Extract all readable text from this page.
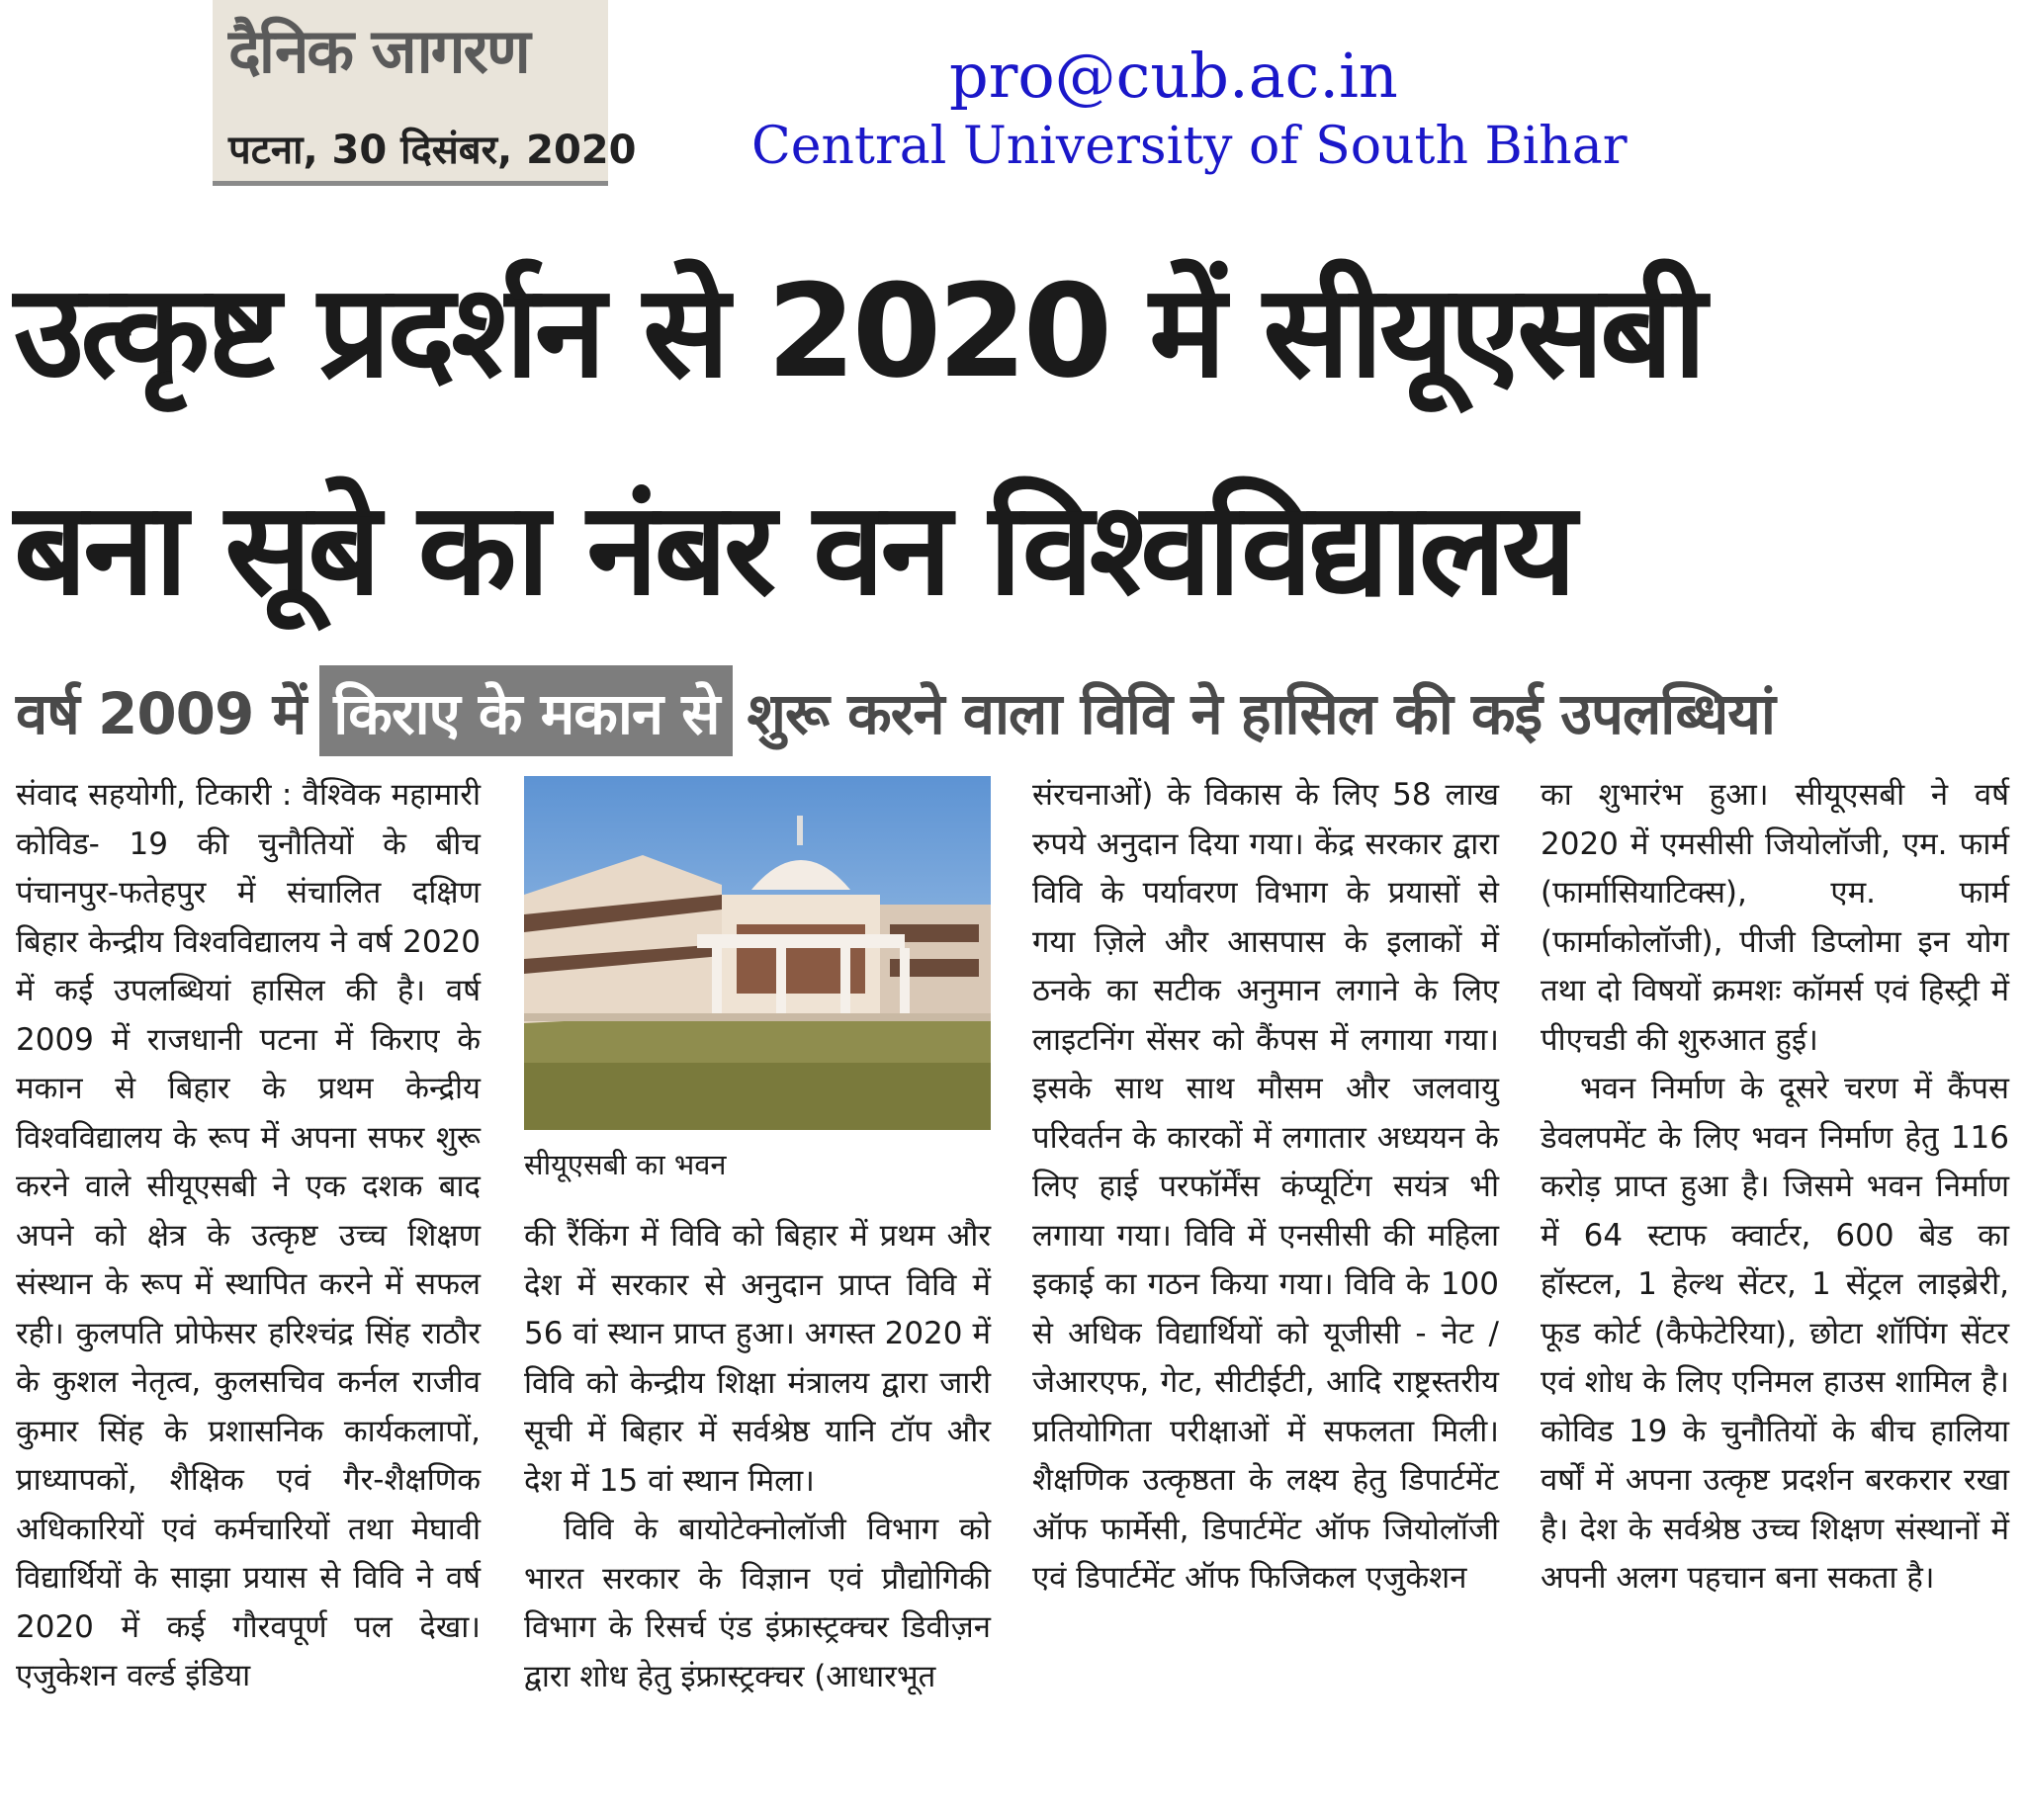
दैनिक जागरण
पटना, 30 दिसंबर, 2020
pro@cub.ac.in
Central University of South Bihar
उत्कृष्ट प्रदर्शन से 2020 में सीयूएसबी
बना सूबे का नंबर वन विश्वविद्यालय
वर्ष 2009 में किराए के मकान से शुरू करने वाला विवि ने हासिल की कई उपलब्धियां

संवाद सहयोगी, टिकारी : वैश्विक महामारी कोविड- 19 की चुनौतियों के बीच पंचानपुर-फतेहपुर में संचालित दक्षिण बिहार केन्द्रीय विश्वविद्यालय ने वर्ष 2020 में कई उपलब्धियां हासिल की है। वर्ष 2009 में राजधानी पटना में किराए के मकान से बिहार के प्रथम केन्द्रीय विश्वविद्यालय के रूप में अपना सफर शुरू करने वाले सीयूएसबी ने एक दशक बाद अपने को क्षेत्र के उत्कृष्ट उच्च शिक्षण संस्थान के रूप में स्थापित करने में सफल रही। कुलपति प्रोफेसर हरिश्चंद्र सिंह राठौर के कुशल नेतृत्व, कुलसचिव कर्नल राजीव कुमार सिंह के प्रशासनिक कार्यकलापों, प्राध्यापकों, शैक्षिक एवं गैर-शैक्षणिक अधिकारियों एवं कर्मचारियों तथा मेघावी विद्यार्थियों के साझा प्रयास से विवि ने वर्ष 2020 में कई गौरवपूर्ण पल देखा। एजुकेशन वर्ल्ड इंडिया

सीयूएसबी का भवन

की रैंकिंग में विवि को बिहार में प्रथम और देश में सरकार से अनुदान प्राप्त विवि में 56 वां स्थान प्राप्त हुआ। अगस्त 2020 में विवि को केन्द्रीय शिक्षा मंत्रालय द्वारा जारी सूची में बिहार में सर्वश्रेष्ठ यानि टॉप और देश में 15 वां स्थान मिला।

विवि के बायोटेक्नोलॉजी विभाग को भारत सरकार के विज्ञान एवं प्रौद्योगिकी विभाग के रिसर्च एंड इंफ्रास्ट्रक्चर डिवीज़न द्वारा शोध हेतु इंफ्रास्ट्रक्चर (आधारभूत

संरचनाओं) के विकास के लिए 58 लाख रुपये अनुदान दिया गया। केंद्र सरकार द्वारा विवि के पर्यावरण विभाग के प्रयासों से गया ज़िले और आसपास के इलाकों में ठनके का सटीक अनुमान लगाने के लिए लाइटनिंग सेंसर को कैंपस में लगाया गया। इसके साथ साथ मौसम और जलवायु परिवर्तन के कारकों में लगातार अध्ययन के लिए हाई परफॉर्मेंस कंप्यूटिंग सयंत्र भी लगाया गया। विवि में एनसीसी की महिला इकाई का गठन किया गया। विवि के 100 से अधिक विद्यार्थियों को यूजीसी - नेट / जेआरएफ, गेट, सीटीईटी, आदि राष्ट्रस्तरीय प्रतियोगिता परीक्षाओं में सफलता मिली। शैक्षणिक उत्कृष्ठता के लक्ष्य हेतु डिपार्टमेंट ऑफ फार्मेसी, डिपार्टमेंट ऑफ जियोलॉजी एवं डिपार्टमेंट ऑफ फिजिकल एजुकेशन

का शुभारंभ हुआ। सीयूएसबी ने वर्ष 2020 में एमसीसी जियोलॉजी, एम. फार्म (फार्मासियाटिक्स), एम. फार्म (फार्माकोलॉजी), पीजी डिप्लोमा इन योग तथा दो विषयों क्रमशः कॉमर्स एवं हिस्ट्री में पीएचडी की शुरुआत हुई।

भवन निर्माण के दूसरे चरण में कैंपस डेवलपमेंट के लिए भवन निर्माण हेतु 116 करोड़ प्राप्त हुआ है। जिसमे भवन निर्माण में 64 स्टाफ क्वार्टर, 600 बेड का हॉस्टल, 1 हेल्थ सेंटर, 1 सेंट्रल लाइब्रेरी, फूड कोर्ट (कैफेटेरिया), छोटा शॉपिंग सेंटर एवं शोध के लिए एनिमल हाउस शामिल है। कोविड 19 के चुनौतियों के बीच हालिया वर्षों में अपना उत्कृष्ट प्रदर्शन बरकरार रखा है। देश के सर्वश्रेष्ठ उच्च शिक्षण संस्थानों में अपनी अलग पहचान बना सकता है।
